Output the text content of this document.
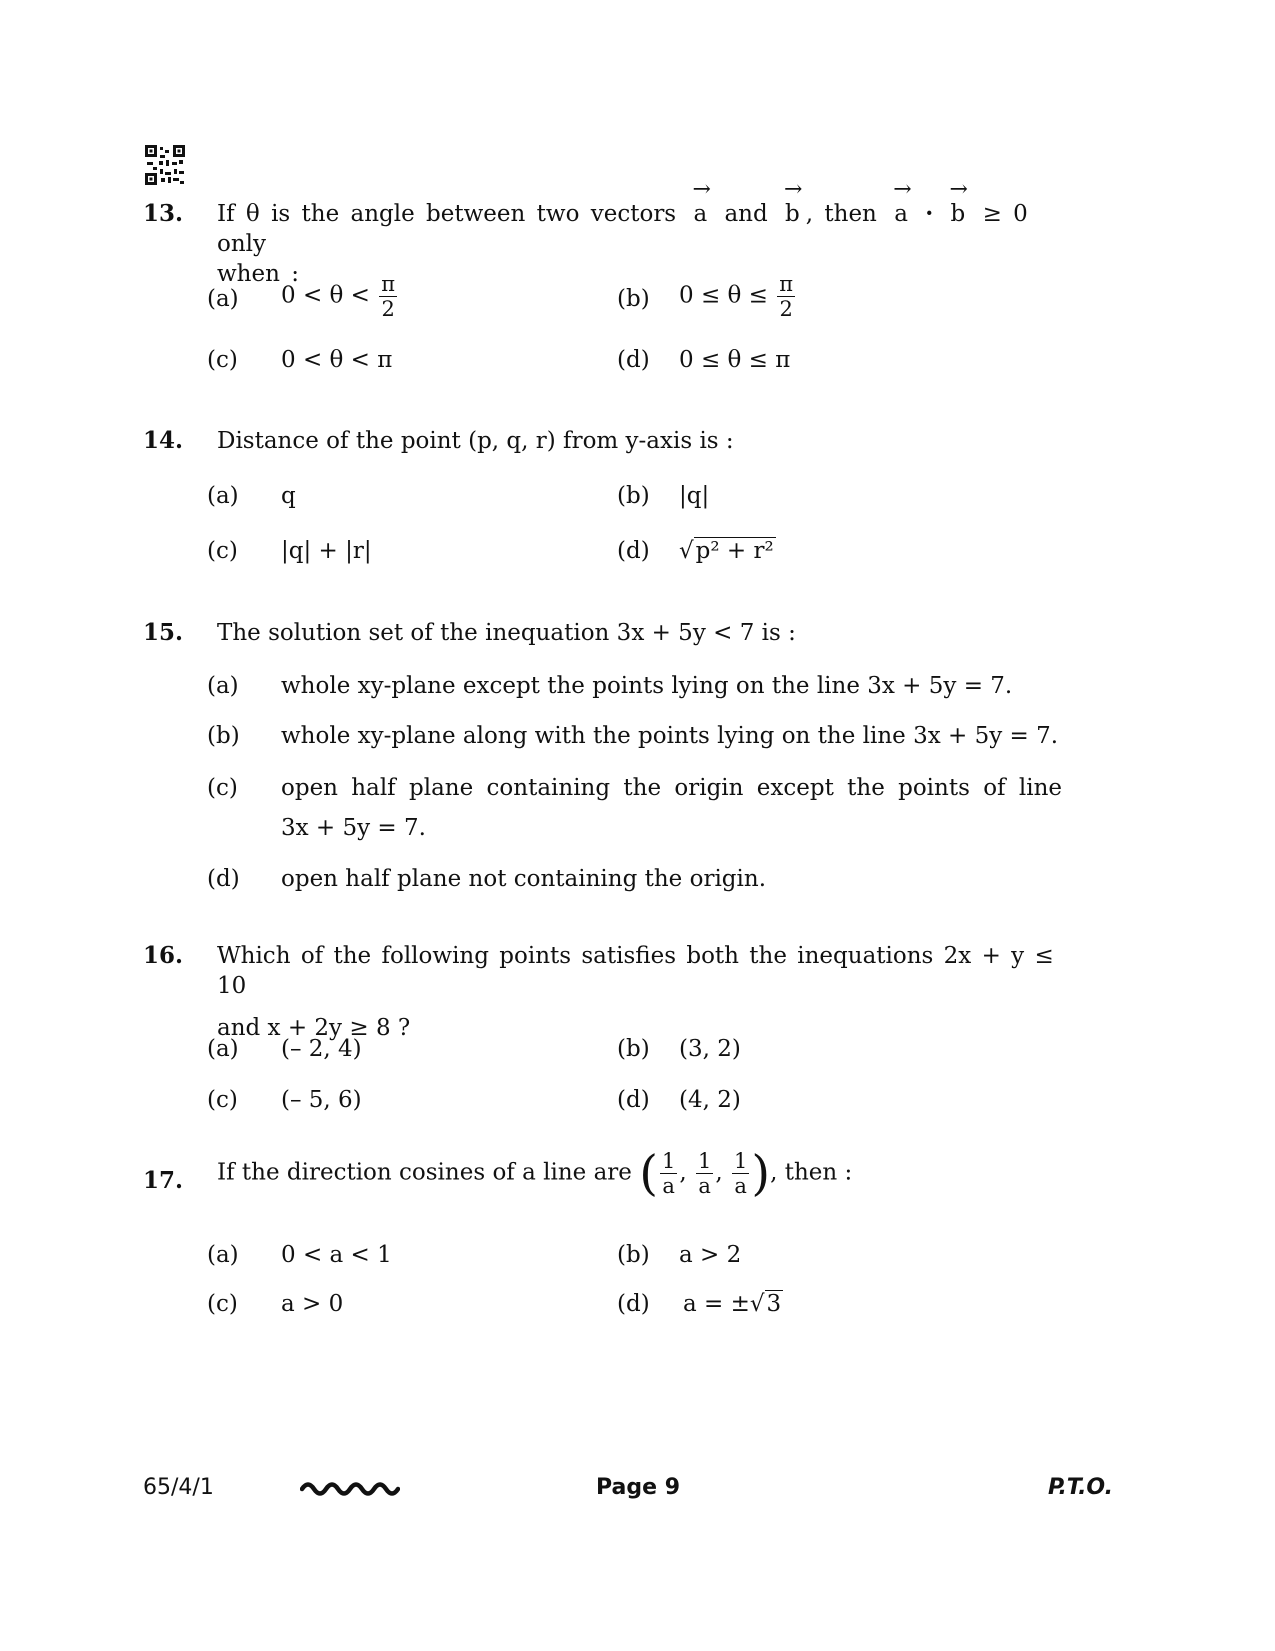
13. If θ is the angle between two vectors → a and → b , then → a · → b ≥ 0 only
when :
(a) $0 < \theta < \frac{\pi}{2}$	(b) $0 \le \theta \le \frac{\pi}{2}$
(c) 0 < θ < π	(d) 0 ≤ θ ≤ π
14. Distance of the point (p, q, r) from y-axis is :
(a) q	(b) |q|
(c) |q| + |r|	(d) √p² + r²
15. The solution set of the inequation 3x + 5y < 7 is :
(a) whole xy-plane except the points lying on the line 3x + 5y = 7.
(b) whole xy-plane along with the points lying on the line 3x + 5y = 7.
(c) open half plane containing the origin except the points of line
3x + 5y = 7.
(d) open half plane not containing the origin.
16. Which of the following points satisfies both the inequations 2x + y ≤ 10
and x + 2y ≥ 8 ?
(a) (– 2, 4)	(b) (3, 2)
(c) (– 5, 6)	(d) (4, 2)
17. If the direction cosines of a line are ( $\frac{1}{a}$ , $\frac{1}{a}$ , $\frac{1}{a}$ ), then :
(a) 0 < a < 1	(b) a > 2
(c) a > 0	(d) a = ±√3
65/4/1	Page 9	P.T.O.
